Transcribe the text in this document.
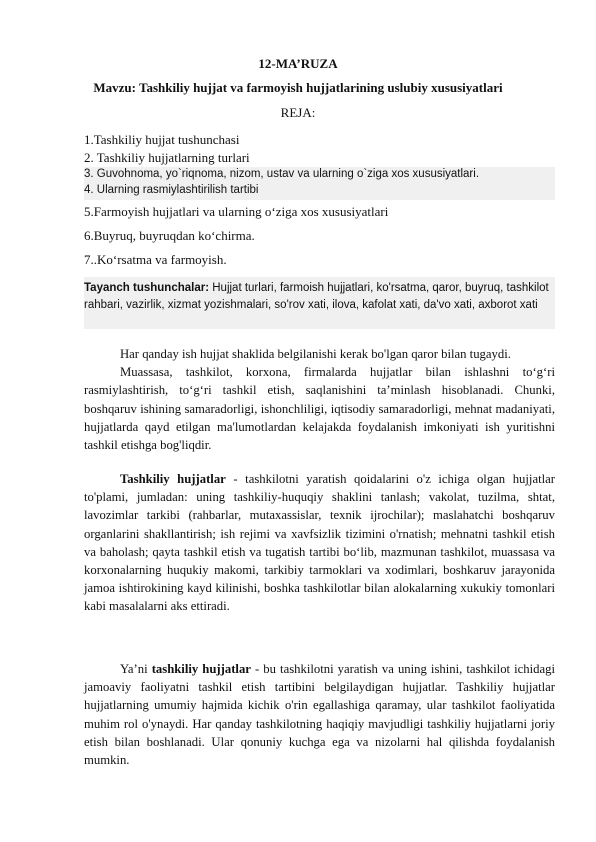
12-MA’RUZA
Mavzu: Tashkiliy hujjat va farmoyish hujjatlarining uslubiy xususiyatlari
REJA:
1.Tashkiliy hujjat tushunchasi
2. Tashkiliy hujjatlarning turlari
3. Guvohnoma, yo`riqnoma, nizom, ustav va ularning o`ziga xos xususiyatlari.
4. Ularning rasmiylashtirilish tartibi
5.Farmoyish hujjatlari va ularning o‘ziga xos xususiyatlari
6.Buyruq, buyruqdan ko‘chirma.
7..Ko‘rsatma va farmoyish.
Tayanch tushunchalar: Hujjat turlari, farmoish hujjatlari, ko'rsatma, qaror, buyruq, tashkilot rahbari, vazirlik, xizmat yozishmalari, so'rov xati, ilova, kafolat xati, da'vo xati, axborot xati

Har qanday ish hujjat shaklida belgilanishi kerak bo'lgan qaror bilan tugaydi.
Muassasa, tashkilot, korxona, firmalarda hujjatlar bilan ishlashni to‘g‘ri rasmiylashtirish, to‘g‘ri tashkil etish, saqlanishini ta’minlash hisoblanadi. Chunki, boshqaruv ishining samaradorligi, ishonchliligi, iqtisodiy samaradorligi, mehnat madaniyati, hujjatlarda qayd etilgan ma'lumotlardan kelajakda foydalanish imkoniyati ish yuritishni tashkil etishga bog'liqdir.

Tashkiliy hujjatlar - tashkilotni yaratish qoidalarini o'z ichiga olgan hujjatlar to'plami, jumladan: uning tashkiliy-huquqiy shaklini tanlash; vakolat, tuzilma, shtat, lavozimlar tarkibi (rahbarlar, mutaxassislar, texnik ijrochilar); maslahatchi boshqaruv organlarini shakllantirish; ish rejimi va xavfsizlik tizimini o'rnatish; mehnatni tashkil etish va baholash; qayta tashkil etish va tugatish tartibi bo‘lib, mazmunan tashkilot, muassasa va korxonalarning huqukiy makomi, tarkibiy tarmoklari va xodimlari, boshkaruv jarayonida jamoa ishtirokining kayd kilinishi, boshka tashkilotlar bilan alokalarning xukukiy tomonlari kabi masalalarni aks ettiradi.

Ya’ni tashkiliy hujjatlar - bu tashkilotni yaratish va uning ishini, tashkilot ichidagi jamoaviy faoliyatni tashkil etish tartibini belgilaydigan hujjatlar. Tashkiliy hujjatlar hujjatlarning umumiy hajmida kichik o'rin egallashiga qaramay, ular tashkilot faoliyatida muhim rol o'ynaydi. Har qanday tashkilotning haqiqiy mavjudligi tashkiliy hujjatlarni joriy etish bilan boshlanadi. Ular qonuniy kuchga ega va nizolarni hal qilishda foydalanish mumkin.
